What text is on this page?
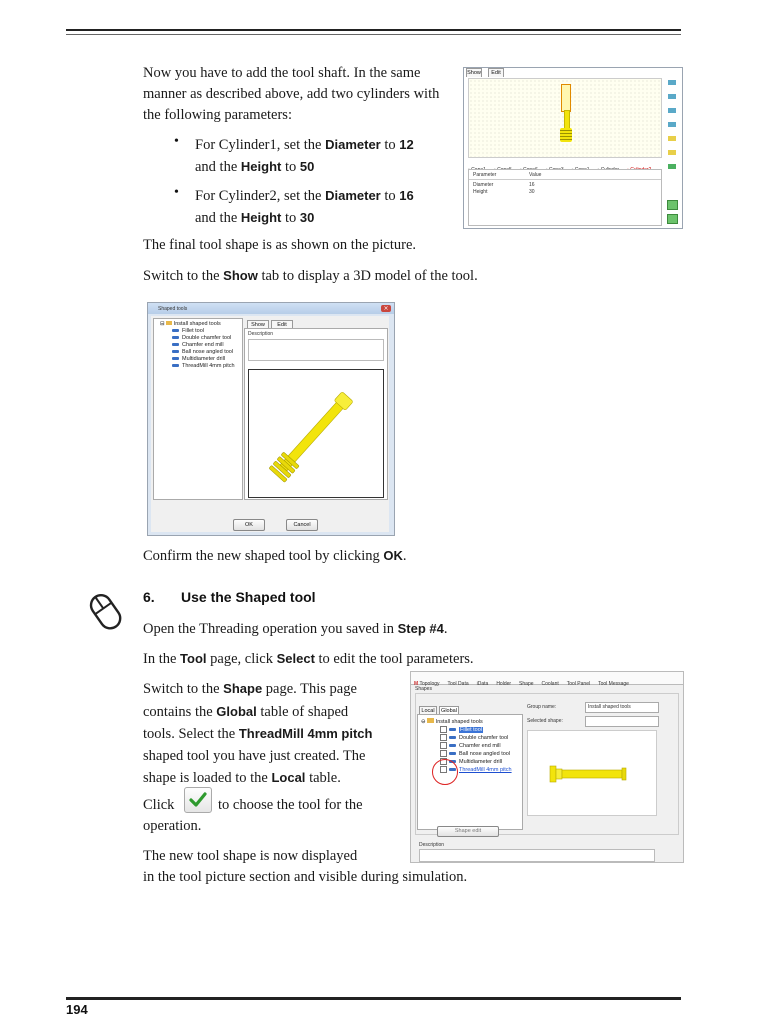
Now you have to add the tool shaft. In the same manner as described above, add two cylinders with the following parameters:
• For Cylinder1, set the Diameter to 12
and the Height to 50
• For Cylinder2, set the Diameter to 16
and the Height to 30
The final tool shape is as shown on the picture.
Switch to the Show tab to display a 3D model of the tool.
Show	Edit
Parameter	Value
Diameter	16
Height	30
Shaped tools	×
⊟  Install shaped tools
Fillet tool
Double chamfer tool
Chamfer end mill
Ball nose angled tool
Multidiameter drill
ThreadMill 4mm pitch
Show	Edit
Description
OK	Cancel
Confirm the new shaped tool by clicking OK.
6. Use the Shaped tool
Open the Threading operation you saved in Step #4.
In the Tool page, click Select to edit the tool parameters.
Switch to the Shape page. This page
contains the Global table of shaped
tools. Select the ThreadMill 4mm pitch
shaped tool you have just created. The
shape is loaded to the Local table.
Click	to choose the tool for the
operation.
The new tool shape is now displayed
in the tool picture section and visible during simulation.
M Topology Tool Data iData Holder Shape Coolant Tool Panel Tool Message
Shapes
Local	Global
⊖  Install shaped tools
Fillet tool
Double chamfer tool
Chamfer end mill
Ball nose angled tool
Multidiameter drill
ThreadMill 4mm pitch
Group name:	Install shaped tools
Selected shape:
Shape edit
Description
194
